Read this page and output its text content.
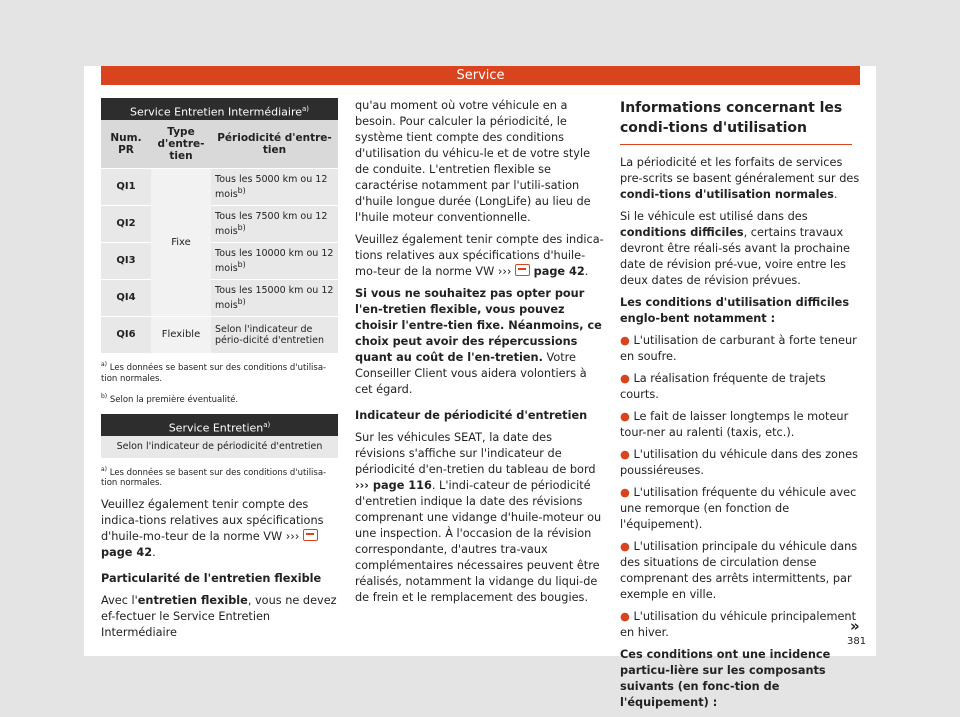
Service
Service Entretien Intermédiaire$^{a)}$
Num. PR	Type d'entre-tien	Périodicité d'entre-tien
QI1	Fixe	Tous les 5000 km ou 12 mois$^{b)}$
QI2		Tous les 7500 km ou 12 mois$^{b)}$
QI3		Tous les 10000 km ou 12 mois$^{b)}$
QI4		Tous les 15000 km ou 12 mois$^{b)}$
QI6	Flexible	Selon l'indicateur de pério-dicité d'entretien

$^{a)}$ Les données se basent sur des conditions d'utilisa-tion normales.

$^{b)}$ Selon la première éventualité.

Service Entretien$^{a)}$
Selon l'indicateur de périodicité d'entretien

$^{a)}$ Les données se basent sur des conditions d'utilisa-tion normales.

Veuillez également tenir compte des indica-tions relatives aux spécifications d'huile-mo-teur de la norme VW ›››  page 42.

Particularité de l'entretien flexible

Avec l'entretien flexible, vous ne devez ef-fectuer le Service Entretien Intermédiaire

qu'au moment où votre véhicule en a besoin. Pour calculer la périodicité, le système tient compte des conditions d'utilisation du véhicu-le et de votre style de conduite. L'entretien flexible se caractérise notamment par l'utili-sation d'huile longue durée (LongLife) au lieu de l'huile moteur conventionnelle.

Veuillez également tenir compte des indica-tions relatives aux spécifications d'huile-mo-teur de la norme VW ››› page 42.

Si vous ne souhaitez pas opter pour l'en-tretien flexible, vous pouvez choisir l'entre-tien fixe. Néanmoins, ce choix peut avoir des répercussions quant au coût de l'en-tretien. Votre Conseiller Client vous aidera volontiers à cet égard.

Indicateur de périodicité d'entretien

Sur les véhicules SEAT, la date des révisions s'affiche sur l'indicateur de périodicité d'en-tretien du tableau de bord ››› page 116. L'indi-cateur de périodicité d'entretien indique la date des révisions comprenant une vidange d'huile-moteur ou une inspection. À l'occasion de la révision correspondante, d'autres tra-vaux complémentaires nécessaires peuvent être réalisés, notamment la vidange du liqui-de de frein et le remplacement des bougies.

Informations concernant les condi-tions d'utilisation

La périodicité et les forfaits de services pre-scrits se basent généralement sur des condi-tions d'utilisation normales.

Si le véhicule est utilisé dans des conditions difficiles, certains travaux devront être réali-sés avant la prochaine date de révision pré-vue, voire entre les deux dates de révision prévues.

Les conditions d'utilisation difficiles englo-bent notamment :

● L'utilisation de carburant à forte teneur en soufre.

● La réalisation fréquente de trajets courts.

● Le fait de laisser longtemps le moteur tour-ner au ralenti (taxis, etc.).

● L'utilisation du véhicule dans des zones poussiéreuses.

● L'utilisation fréquente du véhicule avec une remorque (en fonction de l'équipement).

● L'utilisation principale du véhicule dans des situations de circulation dense comprenant des arrêts intermittents, par exemple en ville.

● L'utilisation du véhicule principalement en hiver.

Ces conditions ont une incidence particu-lière sur les composants suivants (en fonc-tion de l'équipement) :

»
381
